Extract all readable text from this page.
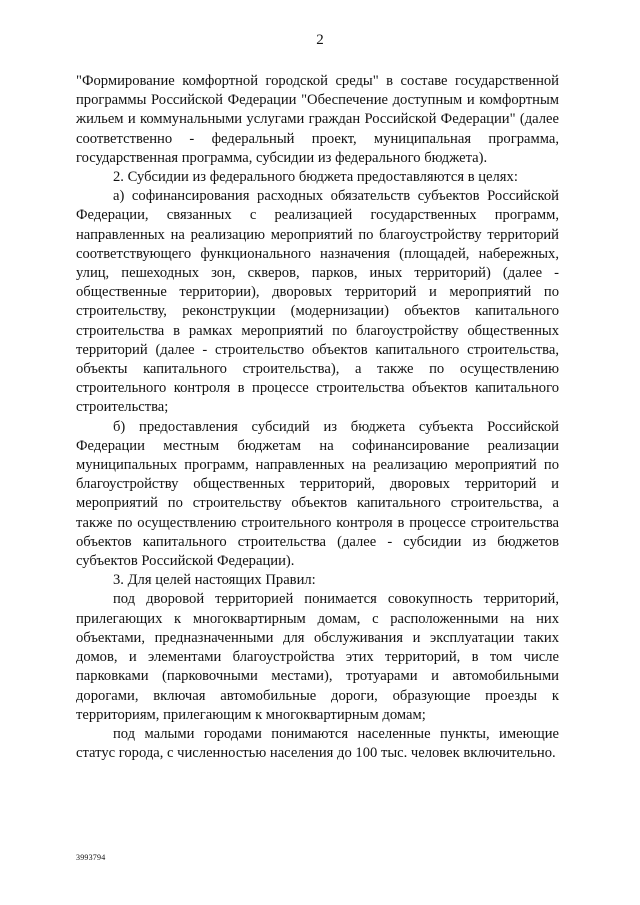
2

"Формирование комфортной городской среды" в составе государственной программы Российской Федерации "Обеспечение доступным и комфортным жильем и коммунальными услугами граждан Российской Федерации" (далее соответственно - федеральный проект, муниципальная программа, государственная программа, субсидии из федерального бюджета).

2. Субсидии из федерального бюджета предоставляются в целях:

а) софинансирования расходных обязательств субъектов Российской Федерации, связанных с реализацией государственных программ, направленных на реализацию мероприятий по благоустройству территорий соответствующего функционального назначения (площадей, набережных, улиц, пешеходных зон, скверов, парков, иных территорий) (далее - общественные территории), дворовых территорий и мероприятий по строительству, реконструкции (модернизации) объектов капитального строительства в рамках мероприятий по благоустройству общественных территорий (далее - строительство объектов капитального строительства, объекты капитального строительства), а также по осуществлению строительного контроля в процессе строительства объектов капитального строительства;

б) предоставления субсидий из бюджета субъекта Российской Федерации местным бюджетам на софинансирование реализации муниципальных программ, направленных на реализацию мероприятий по благоустройству общественных территорий, дворовых территорий и мероприятий по строительству объектов капитального строительства, а также по осуществлению строительного контроля в процессе строительства объектов капитального строительства (далее - субсидии из бюджетов субъектов Российской Федерации).

3. Для целей настоящих Правил:

под дворовой территорией понимается совокупность территорий, прилегающих к многоквартирным домам, с расположенными на них объектами, предназначенными для обслуживания и эксплуатации таких домов, и элементами благоустройства этих территорий, в том числе парковками (парковочными местами), тротуарами и автомобильными дорогами, включая автомобильные дороги, образующие проезды к территориям, прилегающим к многоквартирным домам;

под малыми городами понимаются населенные пункты, имеющие статус города, с численностью населения до 100 тыс. человек включительно.

3993794
